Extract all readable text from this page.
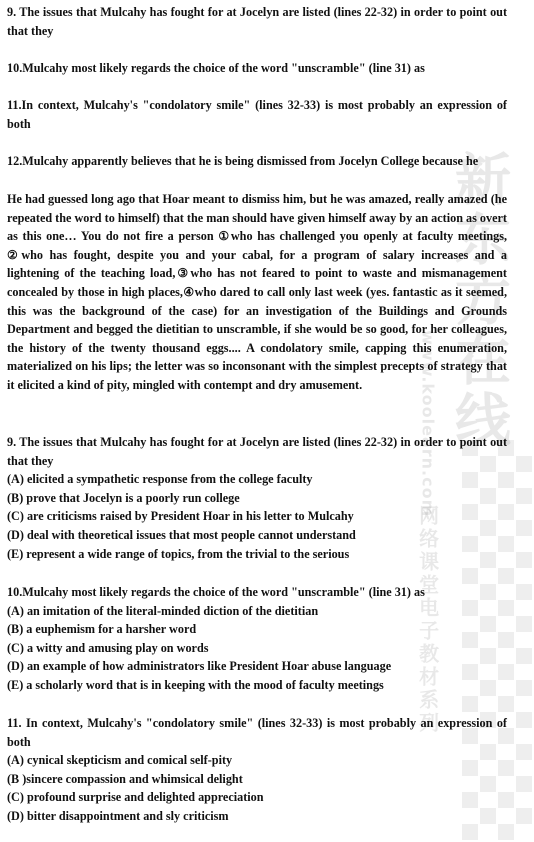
新东方在线
www.koolearn.com
网络课堂电子教材系列

9. The issues that Mulcahy has fought for at Jocelyn are listed (lines 22-32) in order to point out that they

10.Mulcahy most likely regards the choice of the word "unscramble" (line 31) as

11.In context, Mulcahy's "condolatory smile" (lines 32-33) is most probably an expression of both

12.Mulcahy apparently believes that he is being dismissed from Jocelyn College because he

He had guessed long ago that Hoar meant to dismiss him, but he was amazed, really amazed (he repeated the word to himself) that the man should have given himself away by an action as overt as this one… You do not fire a person ①who has challenged you openly at faculty meetings, ②who has fought, despite you and your cabal, for a program of salary increases and a lightening of the teaching load,③who has not feared to point to waste and mismanagement concealed by those in high places,④who dared to call only last week (yes. fantastic as it seemed, this was the background of the case) for an investigation of the Buildings and Grounds Department and begged the dietitian to unscramble, if she would be so good, for her colleagues, the history of the twenty thousand eggs.... A condolatory smile, capping this enumeration, materialized on his lips; the letter was so inconsonant with the simplest precepts of strategy that it elicited a kind of pity, mingled with contempt and dry amusement.

9. The issues that Mulcahy has fought for at Jocelyn are listed (lines 22-32) in order to point out that they
(A) elicited a sympathetic response from the college faculty
(B) prove that Jocelyn is a poorly run college
(C) are criticisms raised by President Hoar in his letter to Mulcahy
(D) deal with theoretical issues that most people cannot understand
(E) represent a wide range of topics, from the trivial to the serious
10.Mulcahy most likely regards the choice of the word "unscramble" (line 31) as
(A) an imitation of the literal-minded diction of the dietitian
(B) a euphemism for a harsher word
(C) a witty and amusing play on words
(D) an example of how administrators like President Hoar abuse language
(E) a scholarly word that is in keeping with the mood of faculty meetings
11. In context, Mulcahy's "condolatory smile" (lines 32-33) is most probably an expression of both
(A) cynical skepticism and comical self-pity
(B )sincere compassion and whimsical delight
(C) profound surprise and delighted appreciation
(D) bitter disappointment and sly criticism
